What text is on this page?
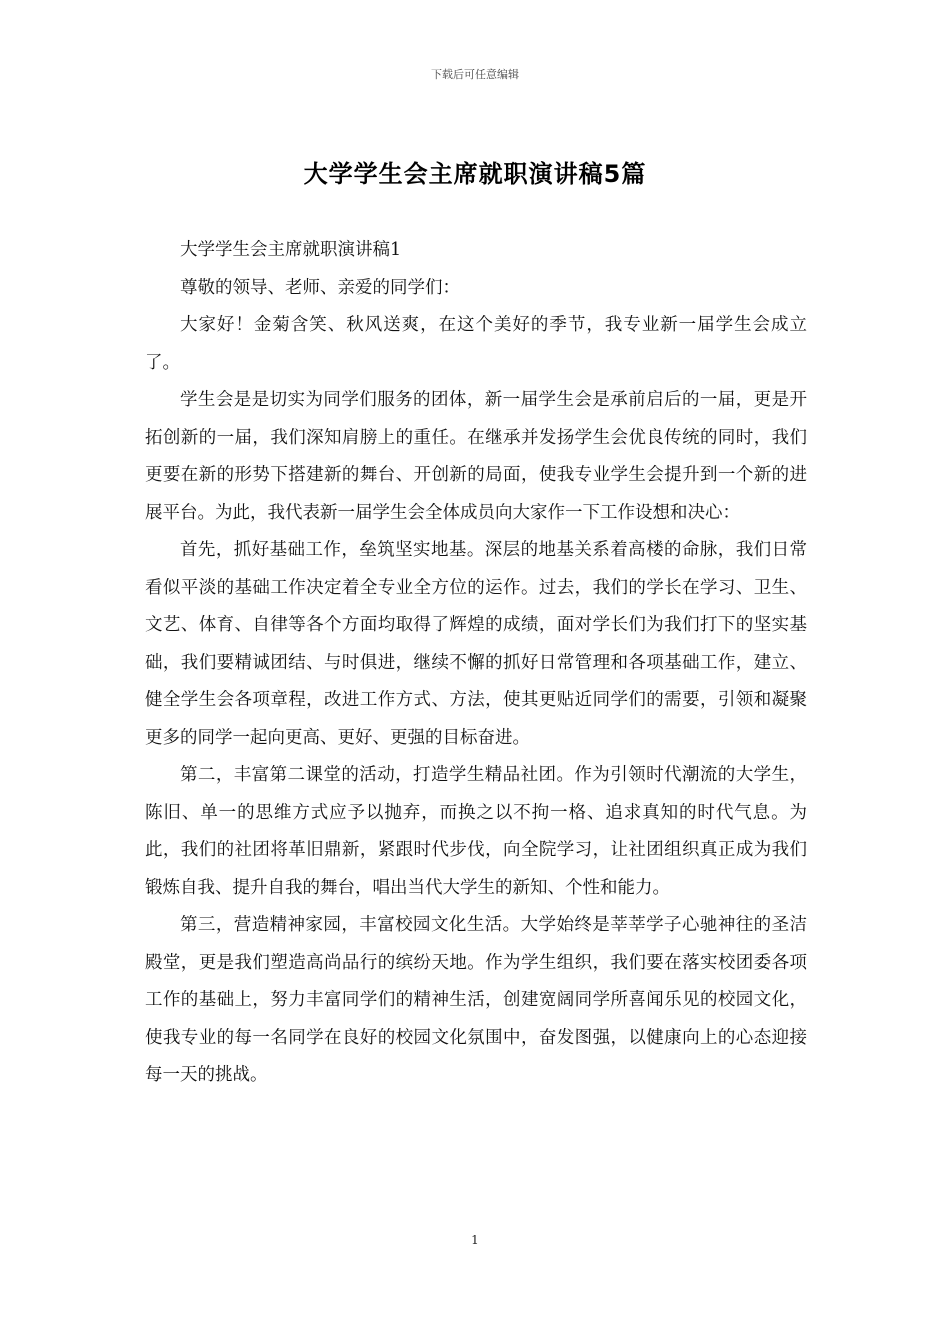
下载后可任意编辑
大学学生会主席就职演讲稿5篇

大学学生会主席就职演讲稿1

尊敬的领导、老师、亲爱的同学们：

大家好！金菊含笑、秋风送爽，在这个美好的季节，我专业新一届学生会成立了。

学生会是是切实为同学们服务的团体，新一届学生会是承前启后的一届，更是开拓创新的一届，我们深知肩膀上的重任。在继承并发扬学生会优良传统的同时，我们更要在新的形势下搭建新的舞台、开创新的局面，使我专业学生会提升到一个新的进展平台。为此，我代表新一届学生会全体成员向大家作一下工作设想和决心：

首先，抓好基础工作，垒筑坚实地基。深层的地基关系着高楼的命脉，我们日常看似平淡的基础工作决定着全专业全方位的运作。过去，我们的学长在学习、卫生、文艺、体育、自律等各个方面均取得了辉煌的成绩，面对学长们为我们打下的坚实基础，我们要精诚团结、与时俱进，继续不懈的抓好日常管理和各项基础工作，建立、健全学生会各项章程，改进工作方式、方法，使其更贴近同学们的需要，引领和凝聚更多的同学一起向更高、更好、更强的目标奋进。

第二，丰富第二课堂的活动，打造学生精品社团。作为引领时代潮流的大学生，陈旧、单一的思维方式应予以抛弃，而换之以不拘一格、追求真知的时代气息。为此，我们的社团将革旧鼎新，紧跟时代步伐，向全院学习，让社团组织真正成为我们锻炼自我、提升自我的舞台，唱出当代大学生的新知、个性和能力。

第三，营造精神家园，丰富校园文化生活。大学始终是莘莘学子心驰神往的圣洁殿堂，更是我们塑造高尚品行的缤纷天地。作为学生组织，我们要在落实校团委各项工作的基础上，努力丰富同学们的精神生活，创建宽阔同学所喜闻乐见的校园文化，使我专业的每一名同学在良好的校园文化氛围中，奋发图强，以健康向上的心态迎接每一天的挑战。

1
